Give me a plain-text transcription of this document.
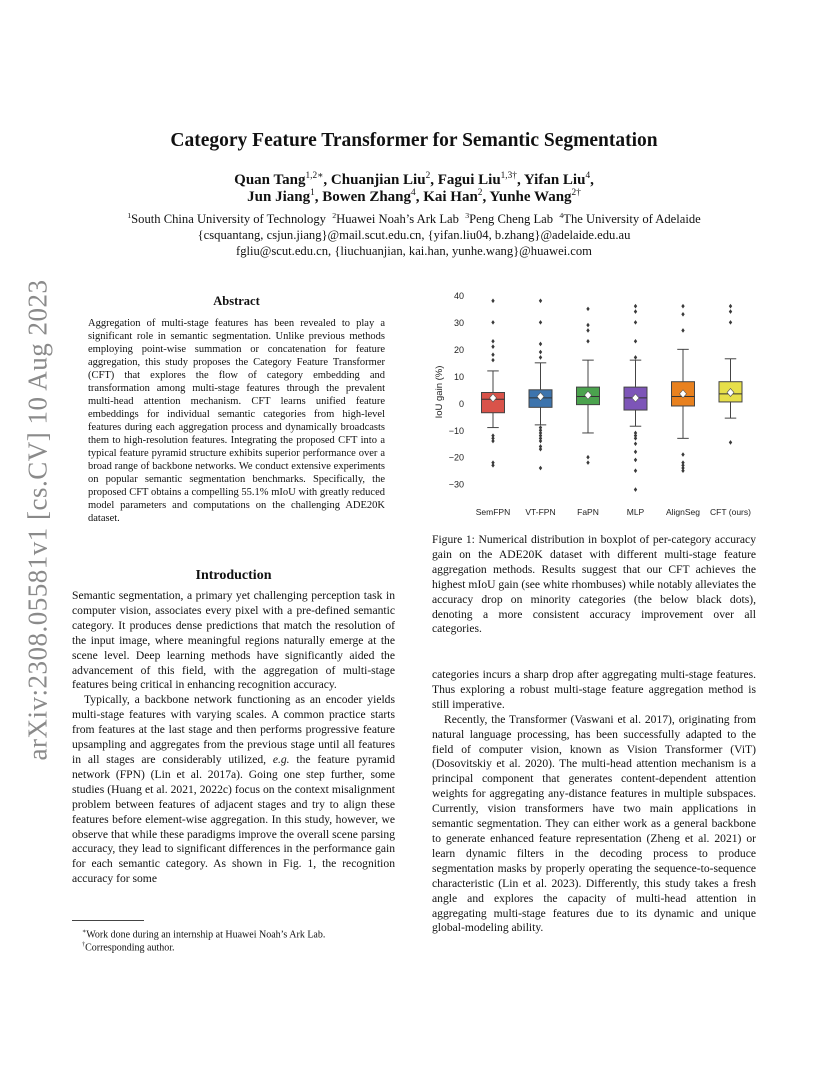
arXiv:2308.05581v1 [cs.CV] 10 Aug 2023
Category Feature Transformer for Semantic Segmentation
Quan Tang$^{1,2∗}$, Chuanjian Liu$^2$, Fagui Liu$^{1,3\dagger}$, Yifan Liu$^4$,
Jun Jiang$^1$, Bowen Zhang$^4$, Kai Han$^2$, Yunhe Wang$^{2\dagger}$
$^1$South China University of Technology $^2$Huawei Noah’s Ark Lab $^3$Peng Cheng Lab $^4$The University of Adelaide
{csquantang, csjun.jiang}@mail.scut.edu.cn, {yifan.liu04, b.zhang}@adelaide.edu.au
fgliu@scut.edu.cn, {liuchuanjian, kai.han, yunhe.wang}@huawei.com
Abstract
Aggregation of multi-stage features has been revealed to play a significant role in semantic segmentation. Unlike previous methods employing point-wise summation or concatenation for feature aggregation, this study proposes the Category Feature Transformer (CFT) that explores the flow of category embedding and transformation among multi-stage features through the prevalent multi-head attention mechanism. CFT learns unified feature embeddings for individual semantic categories from high-level features during each aggregation process and dynamically broadcasts them to high-resolution features. Integrating the proposed CFT into a typical feature pyramid structure exhibits superior performance over a broad range of backbone networks. We conduct extensive experiments on popular semantic segmentation benchmarks. Specifically, the proposed CFT obtains a compelling 55.1% mIoU with greatly reduced model parameters and computations on the challenging ADE20K dataset.
Introduction

Semantic segmentation, a primary yet challenging perception task in computer vision, associates every pixel with a pre-defined semantic category. It produces dense predictions that match the resolution of the input image, where meaningful regions naturally emerge at the scene level. Deep learning methods have significantly aided the advancement of this field, with the aggregation of multi-stage features being critical in enhancing recognition accuracy.

Typically, a backbone network functioning as an encoder yields multi-stage features with varying scales. A common practice starts from features at the last stage and then performs progressive feature upsampling and aggregates from the previous stage until all features in all stages are considerably utilized, e.g. the feature pyramid network (FPN) (Lin et al. 2017a). Going one step further, some studies (Huang et al. 2021, 2022c) focus on the context misalignment problem between features of adjacent stages and try to align these features before element-wise aggregation. In this study, however, we observe that while these paradigms improve the overall scene parsing accuracy, they lead to significant differences in the performance gain for each semantic category. As shown in Fig. 1, the recognition accuracy for some

∗Work done during an internship at Huawei Noah’s Ark Lab.
†Corresponding author.
−30
−20
−10
0
10
20
30
40
IoU gain (%)
SemFPN VT-FPN	FaPN	MLP	AlignSeg CFT (ours)
Figure 1: Numerical distribution in boxplot of per-category accuracy gain on the ADE20K dataset with different multi-stage feature aggregation methods. Results suggest that our CFT achieves the highest mIoU gain (see white rhombuses) while notably alleviates the accuracy drop on minority categories (the below black dots), denoting a more consistent accuracy improvement over all categories.

categories incurs a sharp drop after aggregating multi-stage features. Thus exploring a robust multi-stage feature aggregation method is still imperative.

Recently, the Transformer (Vaswani et al. 2017), originating from natural language processing, has been successfully adapted to the field of computer vision, known as Vision Transformer (ViT) (Dosovitskiy et al. 2020). The multi-head attention mechanism is a principal component that generates content-dependent attention weights for aggregating any-distance features in multiple subspaces. Currently, vision transformers have two main applications in semantic segmentation. They can either work as a general backbone to generate enhanced feature representation (Zheng et al. 2021) or learn dynamic filters in the decoding process to produce segmentation masks by properly operating the sequence-to-sequence characteristic (Lin et al. 2023). Differently, this study takes a fresh angle and explores the capacity of multi-head attention in aggregating multi-stage features due to its dynamic and unique global-modeling ability.
